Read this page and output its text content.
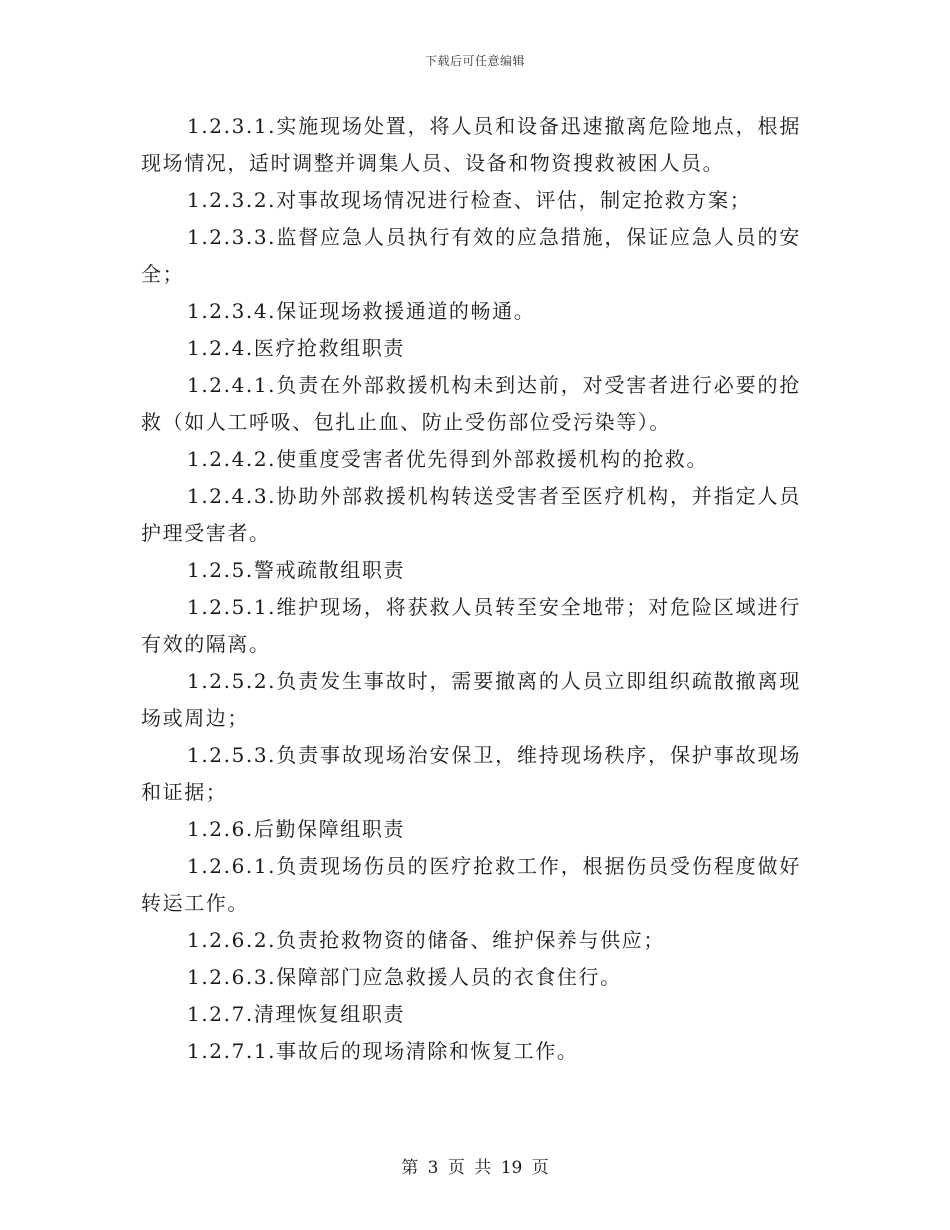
下载后可任意编辑

1.2.3.1.实施现场处置，将人员和设备迅速撤离危险地点，根据现场情况，适时调整并调集人员、设备和物资搜救被困人员。

1.2.3.2.对事故现场情况进行检查、评估，制定抢救方案；

1.2.3.3.监督应急人员执行有效的应急措施，保证应急人员的安全；

1.2.3.4.保证现场救援通道的畅通。

1.2.4.医疗抢救组职责

1.2.4.1.负责在外部救援机构未到达前，对受害者进行必要的抢救（如人工呼吸、包扎止血、防止受伤部位受污染等）。

1.2.4.2.使重度受害者优先得到外部救援机构的抢救。

1.2.4.3.协助外部救援机构转送受害者至医疗机构，并指定人员护理受害者。

1.2.5.警戒疏散组职责

1.2.5.1.维护现场，将获救人员转至安全地带；对危险区域进行有效的隔离。

1.2.5.2.负责发生事故时，需要撤离的人员立即组织疏散撤离现场或周边；

1.2.5.3.负责事故现场治安保卫，维持现场秩序，保护事故现场和证据；

1.2.6.后勤保障组职责

1.2.6.1.负责现场伤员的医疗抢救工作，根据伤员受伤程度做好转运工作。

1.2.6.2.负责抢救物资的储备、维护保养与供应；

1.2.6.3.保障部门应急救援人员的衣食住行。

1.2.7.清理恢复组职责

1.2.7.1.事故后的现场清除和恢复工作。

第 3 页 共 19 页
